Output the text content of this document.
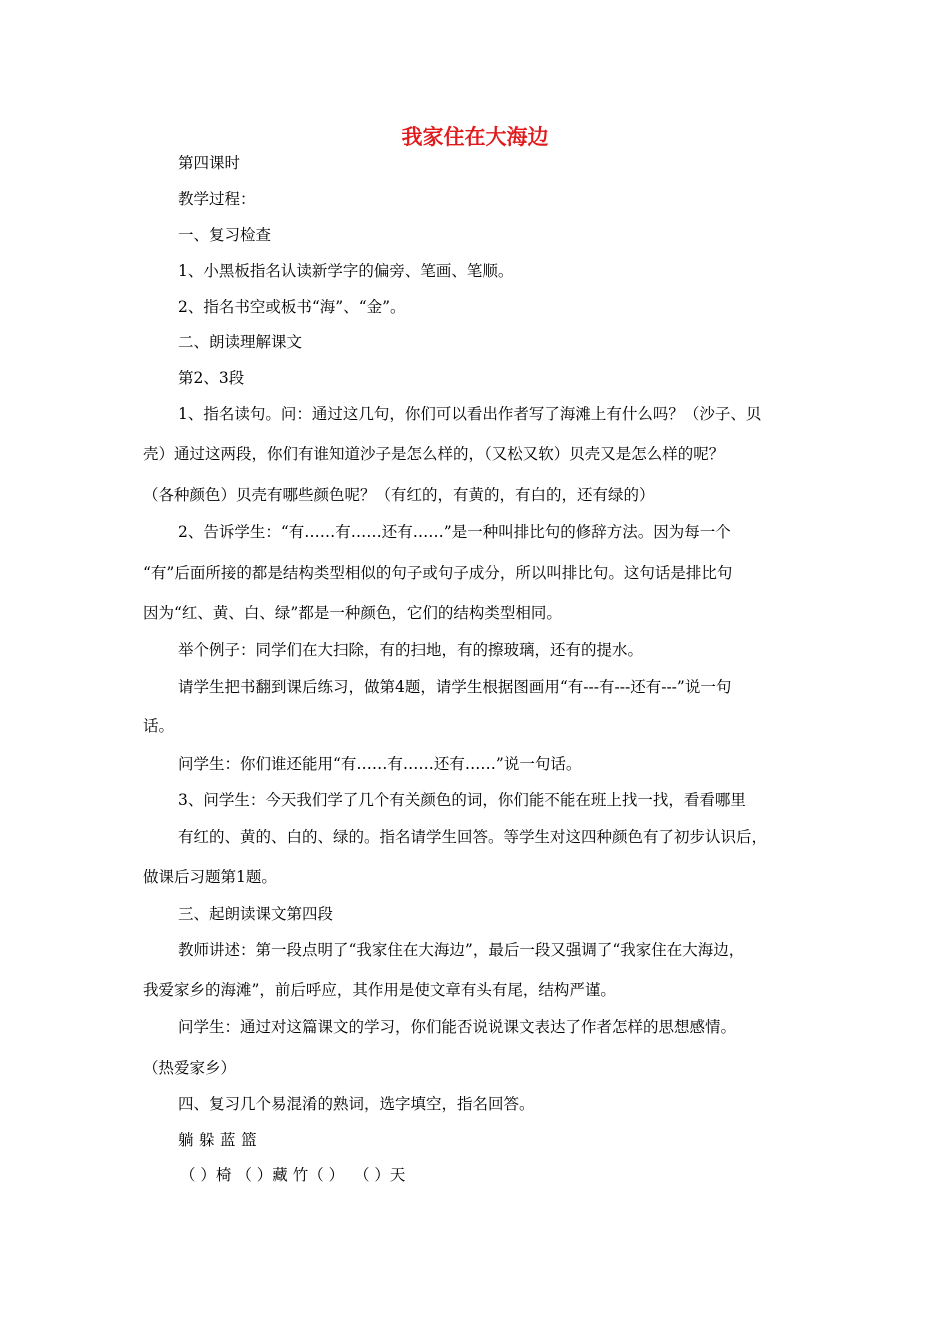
我家住在大海边
第四课时
教学过程：
一、复习检查
1、小黑板指名认读新学字的偏旁、笔画、笔顺。
2、指名书空或板书“海”、“金”。
二、朗读理解课文
第2、3段
1、指名读句。问：通过这几句，你们可以看出作者写了海滩上有什么吗？（沙子、贝
壳）通过这两段，你们有谁知道沙子是怎么样的，（又松又软）贝壳又是怎么样的呢？
（各种颜色）贝壳有哪些颜色呢？（有红的，有黄的，有白的，还有绿的）
2、告诉学生：“有……有……还有……”是一种叫排比句的修辞方法。因为每一个
“有”后面所接的都是结构类型相似的句子或句子成分，所以叫排比句。这句话是排比句
因为“红、黄、白、绿”都是一种颜色，它们的结构类型相同。
举个例子：同学们在大扫除，有的扫地，有的擦玻璃，还有的提水。
请学生把书翻到课后练习，做第4题，请学生根据图画用“有---有---还有---”说一句
话。
问学生：你们谁还能用“有……有……还有……”说一句话。
3、问学生：今天我们学了几个有关颜色的词，你们能不能在班上找一找，看看哪里
有红的、黄的、白的、绿的。指名请学生回答。等学生对这四种颜色有了初步认识后，
做课后习题第1题。
三、起朗读课文第四段
教师讲述：第一段点明了“我家住在大海边”，最后一段又强调了“我家住在大海边，
我爱家乡的海滩”，前后呼应，其作用是使文章有头有尾，结构严谨。
问学生：通过对这篇课文的学习，你们能否说说课文表达了作者怎样的思想感情。
（热爱家乡）
四、复习几个易混淆的熟词，选字填空，指名回答。
躺 躲 蓝 篮
（ ）椅 （ ）藏 竹（ ）  （ ）天
